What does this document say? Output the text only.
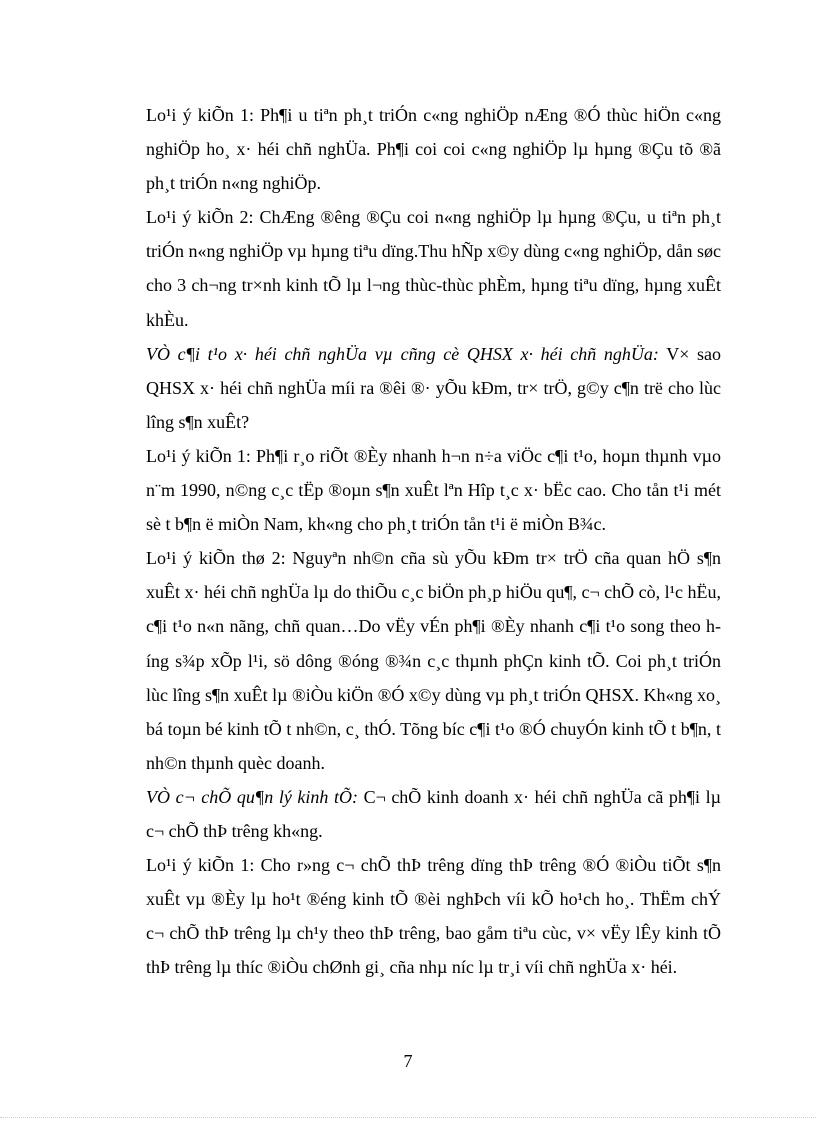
Lo¹i ý kiÕn 1: Ph¶i u tiªn ph¸t triÓn c«ng nghiÖp nÆng ®Ó thùc hiÖn c«ng nghiÖp ho¸ x· héi chñ nghÜa. Ph¶i coi coi c«ng nghiÖp lµ hµng ®Çu tõ ®ã ph¸t triÓn n«ng nghiÖp.

Lo¹i ý kiÕn 2: ChÆng ®êng ®Çu coi n«ng nghiÖp lµ hµng ®Çu, u tiªn ph¸t triÓn n«ng nghiÖp vµ hµng tiªu dïng.Thu hÑp x©y dùng c«ng nghiÖp, dån søc cho 3 ch¬ng tr×nh kinh tÕ lµ l¬ng thùc-thùc phÈm, hµng tiªu dïng, hµng xuÊt khÈu.

VÒ c¶i t¹o x· héi chñ nghÜa vµ cñng cè QHSX x· héi chñ nghÜa: V× sao QHSX x· héi chñ nghÜa míi ra ®êi ®· yÕu kÐm, tr× trÖ, g©y c¶n trë cho lùc lîng s¶n xuÊt?

Lo¹i ý kiÕn 1: Ph¶i r¸o riÕt ®Èy nhanh h¬n n÷a viÖc c¶i t¹o, hoµn thµnh vµo n¨m 1990, n©ng c¸c tËp ®oµn s¶n xuÊt lªn Hîp t¸c x· bËc cao. Cho tån t¹i mét sè t b¶n ë miÒn Nam, kh«ng cho ph¸t triÓn tån t¹i ë miÒn B¾c.

Lo¹i ý kiÕn thø 2: Nguyªn nh©n cña sù yÕu kÐm tr× trÖ cña quan hÖ s¶n xuÊt x· héi chñ nghÜa lµ do thiÕu c¸c biÖn ph¸p hiÖu qu¶, c¬ chÕ cò, l¹c hËu, c¶i t¹o n«n nãng, chñ quan…Do vËy vÉn ph¶i ®Èy nhanh c¶i t¹o song theo híng s¾p xÕp l¹i, sö dông ®óng ®¾n c¸c thµnh phÇn kinh tÕ. Coi ph¸t triÓn lùc lîng s¶n xuÊt lµ ®iÒu kiÖn ®Ó x©y dùng vµ ph¸t triÓn QHSX. Kh«ng xo¸ bá toµn bé kinh tÕ t nh©n, c¸ thÓ. Tõng bíc c¶i t¹o ®Ó chuyÓn kinh tÕ t b¶n, t nh©n thµnh quèc doanh.

VÒ c¬ chÕ qu¶n lý kinh tÕ: C¬ chÕ kinh doanh x· héi chñ nghÜa cã ph¶i lµ c¬ chÕ thÞ trêng kh«ng.

Lo¹i ý kiÕn 1: Cho r»ng c¬ chÕ thÞ trêng dïng thÞ trêng ®Ó ®iÒu tiÕt s¶n xuÊt vµ ®Èy lµ ho¹t ®éng kinh tÕ ®èi nghÞch víi kÕ ho¹ch ho¸. ThËm chÝ c¬ chÕ thÞ trêng lµ ch¹y theo thÞ trêng, bao gåm tiªu cùc, v× vËy lÊy kinh tÕ thÞ trêng lµ thíc ®iÒu chØnh gi¸ cña nhµ níc lµ tr¸i víi chñ nghÜa x· héi.

7
